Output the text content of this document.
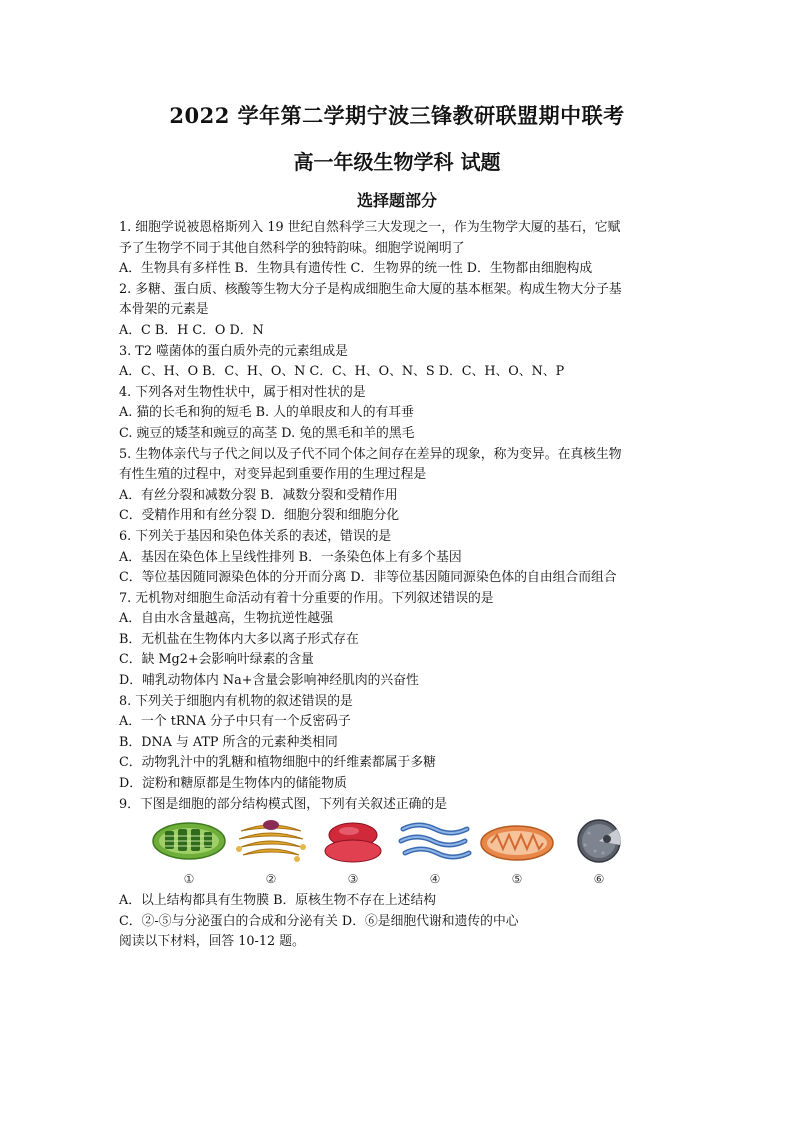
2022 学年第二学期宁波三锋教研联盟期中联考
高一年级生物学科 试题
选择题部分
1. 细胞学说被恩格斯列入 19 世纪自然科学三大发现之一，作为生物学大厦的基石，它赋
予了生物学不同于其他自然科学的独特韵味。细胞学说阐明了
A．生物具有多样性 B．生物具有遗传性 C．生物界的统一性 D．生物都由细胞构成
2. 多糖、蛋白质、核酸等生物大分子是构成细胞生命大厦的基本框架。构成生物大分子基
本骨架的元素是
A．C B．H C．O D．N
3. T2 噬菌体的蛋白质外壳的元素组成是
A．C、H、O B．C、H、O、N C．C、H、O、N、S D．C、H、O、N、P
4. 下列各对生物性状中，属于相对性状的是
A. 猫的长毛和狗的短毛 B. 人的单眼皮和人的有耳垂
C. 豌豆的矮茎和豌豆的高茎 D. 兔的黑毛和羊的黑毛
5. 生物体亲代与子代之间以及子代不同个体之间存在差异的现象，称为变异。在真核生物
有性生殖的过程中，对变异起到重要作用的生理过程是
A．有丝分裂和减数分裂 B．减数分裂和受精作用
C．受精作用和有丝分裂 D．细胞分裂和细胞分化
6. 下列关于基因和染色体关系的表述，错误的是
A．基因在染色体上呈线性排列 B．一条染色体上有多个基因
C．等位基因随同源染色体的分开而分离 D．非等位基因随同源染色体的自由组合而组合
7. 无机物对细胞生命活动有着十分重要的作用。下列叙述错误的是
A．自由水含量越高，生物抗逆性越强
B．无机盐在生物体内大多以离子形式存在
C．缺 Mg2+会影响叶绿素的含量
D．哺乳动物体内 Na+含量会影响神经肌肉的兴奋性
8. 下列关于细胞内有机物的叙述错误的是
A．一个 tRNA 分子中只有一个反密码子
B．DNA 与 ATP 所含的元素种类相同
C．动物乳汁中的乳糖和植物细胞中的纤维素都属于多糖
D．淀粉和糖原都是生物体内的储能物质
9．下图是细胞的部分结构模式图，下列有关叙述正确的是
①	②	③	④	⑤	⑥
A．以上结构都具有生物膜 B．原核生物不存在上述结构
C．②-⑤与分泌蛋白的合成和分泌有关 D．⑥是细胞代谢和遗传的中心
阅读以下材料，回答 10-12 题。
